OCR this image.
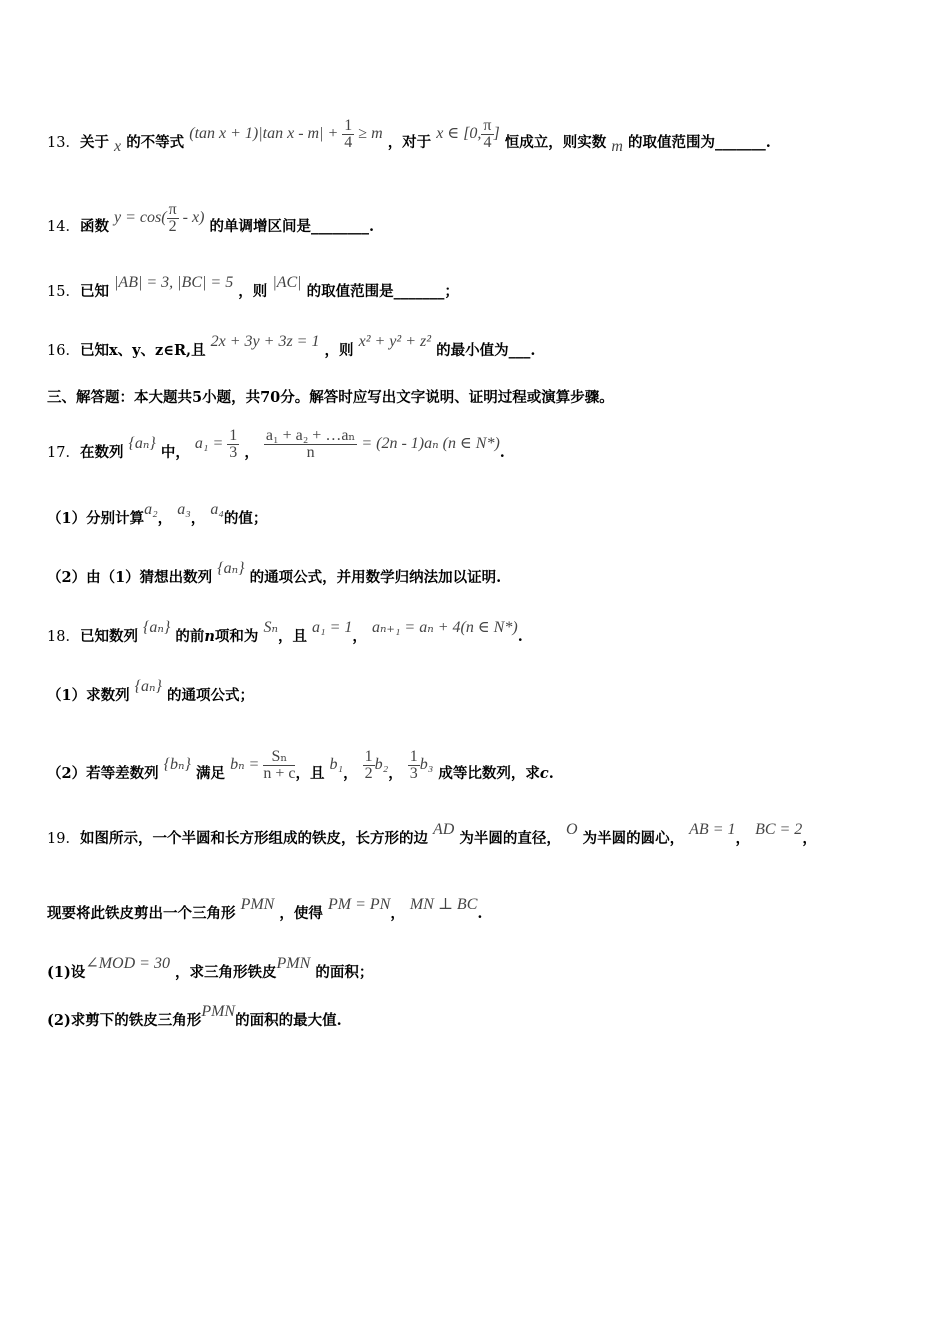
13．关于 x 的不等式 (tan x + 1)|tan $x - m| + \frac{1}{4} \ge m$ ，对于 x ∈ [0, $\frac{\pi}{4}$ ] 恒成立，则实数 m 的取值范围为_______.
14．函数 $y = \cos( \frac{\pi}{2} - x)$ 的单调增区间是________.
15．已知 |AB| = 3, |BC| = 5 ，则 |AC| 的取值范围是_______；
16．已知x、y、z∈R,且 2x + 3y + 3z = 1 ，则 x² + y² + z² 的最小值为___.
三、解答题：本大题共5小题，共70分。解答时应写出文字说明、证明过程或演算步骤。
17．在数列 {aₙ} 中， $a_1 = \frac{1}{3}$ ， $\frac{\text{a₁ + a₂ + …aₙ}}{n} = (2n - 1)a_n$ (n ∈ N*).
（1）分别计算a₂， a₃， a₄的值；
（2）由（1）猜想出数列 {aₙ} 的通项公式，并用数学归纳法加以证明.
18．已知数列 {aₙ} 的前n项和为 Sₙ，且 a₁ = 1， aₙ₊₁ = aₙ + 4(n ∈ N*).
（1）求数列 {aₙ} 的通项公式；
（2）若等差数列 {bₙ} 满足 $b_n = \frac{\text{Sₙ}}{n + c}$ ，且 b₁， $\frac{1}{2} b_2$， $\frac{1}{3} b_3$ 成等比数列，求c.
19．如图所示，一个半圆和长方形组成的铁皮，长方形的边 AD 为半圆的直径， O 为半圆的圆心， AB = 1， BC = 2，
现要将此铁皮剪出一个三角形 PMN ，使得 PM = PN， MN ⊥ BC.
(1)设∠MOD = 30 ，求三角形铁皮PMN 的面积；
(2)求剪下的铁皮三角形PMN的面积的最大值.
